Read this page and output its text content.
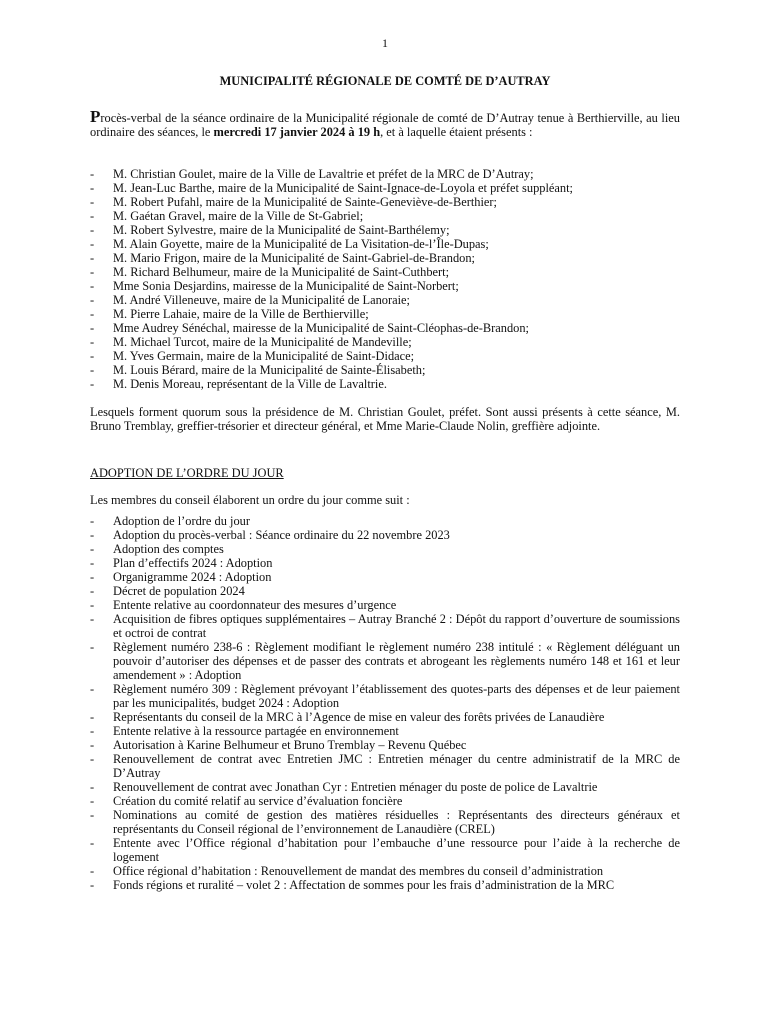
1
MUNICIPALITÉ RÉGIONALE DE COMTÉ DE D’AUTRAY
Procès-verbal de la séance ordinaire de la Municipalité régionale de comté de D’Autray tenue à Berthierville, au lieu ordinaire des séances, le mercredi 17 janvier 2024 à 19 h, et à laquelle étaient présents :
- M. Christian Goulet, maire de la Ville de Lavaltrie et préfet de la MRC de D’Autray;
- M. Jean-Luc Barthe, maire de la Municipalité de Saint-Ignace-de-Loyola et préfet suppléant;
- M. Robert Pufahl, maire de la Municipalité de Sainte-Geneviève-de-Berthier;
- M. Gaétan Gravel, maire de la Ville de St-Gabriel;
- M. Robert Sylvestre, maire de la Municipalité de Saint-Barthélemy;
- M. Alain Goyette, maire de la Municipalité de La Visitation-de-l’Île-Dupas;
- M. Mario Frigon, maire de la Municipalité de Saint-Gabriel-de-Brandon;
- M. Richard Belhumeur, maire de la Municipalité de Saint-Cuthbert;
- Mme Sonia Desjardins, mairesse de la Municipalité de Saint-Norbert;
- M. André Villeneuve, maire de la Municipalité de Lanoraie;
- M. Pierre Lahaie, maire de la Ville de Berthierville;
- Mme Audrey Sénéchal, mairesse de la Municipalité de Saint-Cléophas-de-Brandon;
- M. Michael Turcot, maire de la Municipalité de Mandeville;
- M. Yves Germain, maire de la Municipalité de Saint-Didace;
- M. Louis Bérard, maire de la Municipalité de Sainte-Élisabeth;
- M. Denis Moreau, représentant de la Ville de Lavaltrie.
Lesquels forment quorum sous la présidence de M. Christian Goulet, préfet. Sont aussi présents à cette séance, M. Bruno Tremblay, greffier-trésorier et directeur général, et Mme Marie-Claude Nolin, greffière adjointe.
ADOPTION DE L’ORDRE DU JOUR
Les membres du conseil élaborent un ordre du jour comme suit :
- Adoption de l’ordre du jour
- Adoption du procès-verbal : Séance ordinaire du 22 novembre 2023
- Adoption des comptes
- Plan d’effectifs 2024 : Adoption
- Organigramme 2024 : Adoption
- Décret de population 2024
- Entente relative au coordonnateur des mesures d’urgence
- Acquisition de fibres optiques supplémentaires – Autray Branché 2 : Dépôt du rapport d’ouverture de soumissions et octroi de contrat
- Règlement numéro 238-6 : Règlement modifiant le règlement numéro 238 intitulé : « Règlement déléguant un pouvoir d’autoriser des dépenses et de passer des contrats et abrogeant les règlements numéro 148 et 161 et leur amendement » : Adoption
- Règlement numéro 309 : Règlement prévoyant l’établissement des quotes-parts des dépenses et de leur paiement par les municipalités, budget 2024 : Adoption
- Représentants du conseil de la MRC à l’Agence de mise en valeur des forêts privées de Lanaudière
- Entente relative à la ressource partagée en environnement
- Autorisation à Karine Belhumeur et Bruno Tremblay – Revenu Québec
- Renouvellement de contrat avec Entretien JMC : Entretien ménager du centre administratif de la MRC de D’Autray
- Renouvellement de contrat avec Jonathan Cyr : Entretien ménager du poste de police de Lavaltrie
- Création du comité relatif au service d’évaluation foncière
- Nominations au comité de gestion des matières résiduelles : Représentants des directeurs généraux et représentants du Conseil régional de l’environnement de Lanaudière (CREL)
- Entente avec l’Office régional d’habitation pour l’embauche d’une ressource pour l’aide à la recherche de logement
- Office régional d’habitation : Renouvellement de mandat des membres du conseil d’administration
- Fonds régions et ruralité – volet 2 : Affectation de sommes pour les frais d’administration de la MRC
